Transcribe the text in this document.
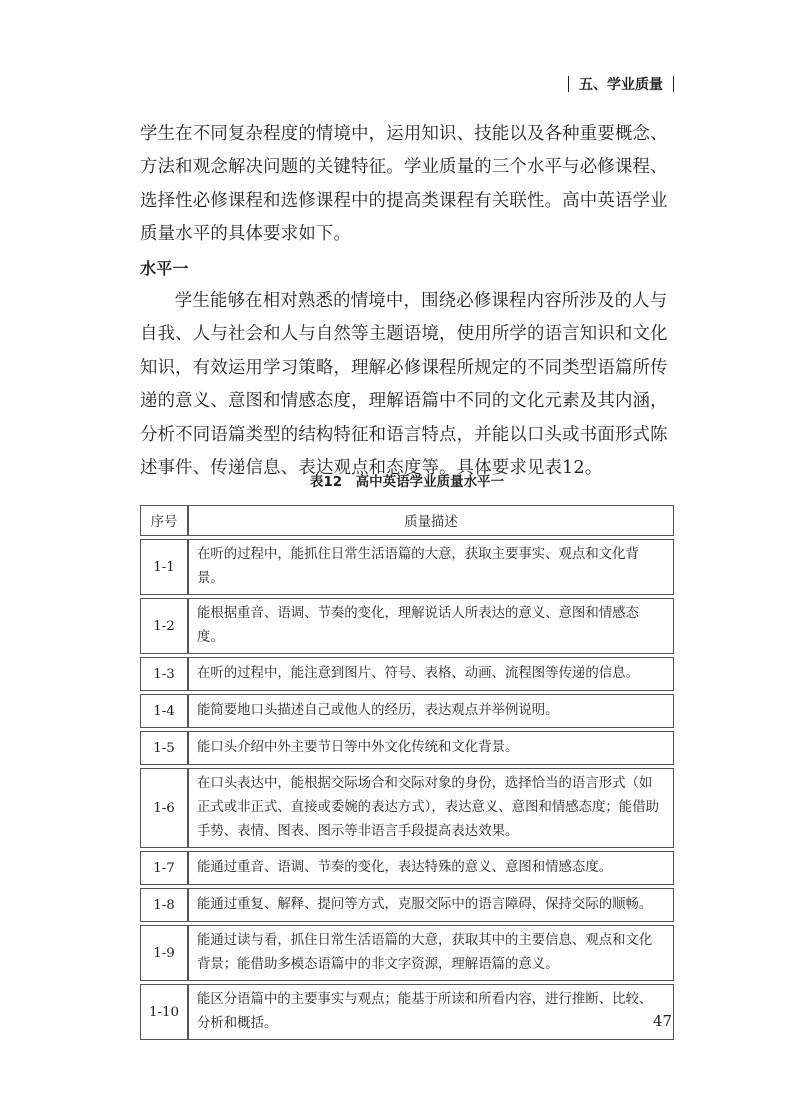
五、学业质量

学生在不同复杂程度的情境中，运用知识、技能以及各种重要概念、方法和观念解决问题的关键特征。学业质量的三个水平与必修课程、选择性必修课程和选修课程中的提高类课程有关联性。高中英语学业质量水平的具体要求如下。

水平一

学生能够在相对熟悉的情境中，围绕必修课程内容所涉及的人与自我、人与社会和人与自然等主题语境，使用所学的语言知识和文化知识，有效运用学习策略，理解必修课程所规定的不同类型语篇所传递的意义、意图和情感态度，理解语篇中不同的文化元素及其内涵，分析不同语篇类型的结构特征和语言特点，并能以口头或书面形式陈述事件、传递信息、表达观点和态度等。具体要求见表12。

表12　高中英语学业质量水平一
序号	质量描述
1-1	在听的过程中，能抓住日常生活语篇的大意，获取主要事实、观点和文化背景。
1-2	能根据重音、语调、节奏的变化，理解说话人所表达的意义、意图和情感态度。
1-3	在听的过程中，能注意到图片、符号、表格、动画、流程图等传递的信息。
1-4	能简要地口头描述自己或他人的经历，表达观点并举例说明。
1-5	能口头介绍中外主要节日等中外文化传统和文化背景。
1-6	在口头表达中，能根据交际场合和交际对象的身份，选择恰当的语言形式（如正式或非正式、直接或委婉的表达方式），表达意义、意图和情感态度；能借助手势、表情、图表、图示等非语言手段提高表达效果。
1-7	能通过重音、语调、节奏的变化，表达特殊的意义、意图和情感态度。
1-8	能通过重复、解释、提问等方式，克服交际中的语言障碍，保持交际的顺畅。
1-9	能通过读与看，抓住日常生活语篇的大意，获取其中的主要信息、观点和文化背景；能借助多模态语篇中的非文字资源，理解语篇的意义。
1-10	能区分语篇中的主要事实与观点；能基于所读和所看内容，进行推断、比较、分析和概括。	47
